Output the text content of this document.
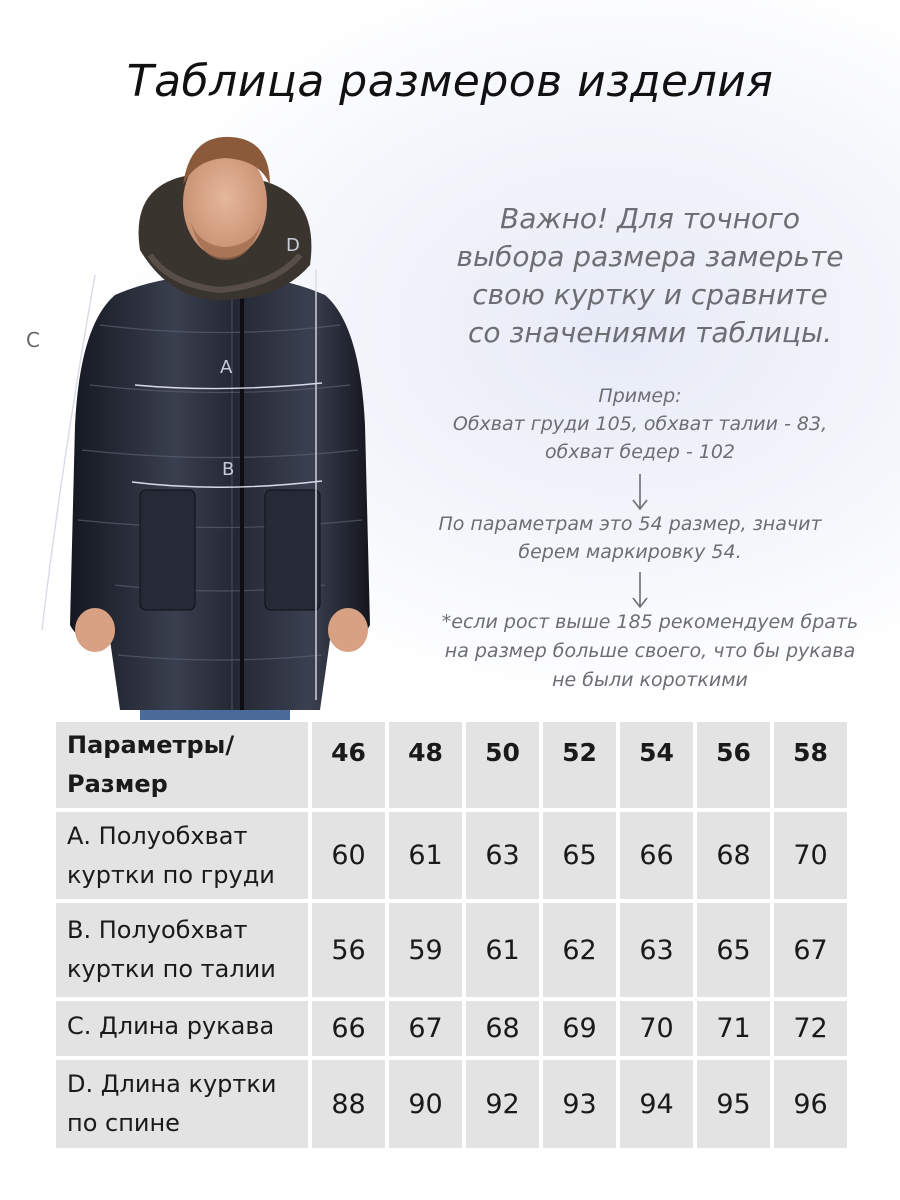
Таблица размеров изделия
A
B
D
C
Важно! Для точного
выбора размера замерьте
свою куртку и сравните
со значениями таблицы.
Пример:
Обхват груди 105, обхват талии - 83,
обхват бедер - 102
По параметрам это 54 размер, значит
берем маркировку 54.
*если рост выше 185 рекомендуем брать
на размер больше своего, что бы рукава
не были короткими
Параметры/
Размер	46	48	50	52	54	56	58

А. Полуобхват
куртки по груди	60	61	63	65	66	68	70

В. Полуобхват
куртки по талии	56	59	61	62	63	65	67

С. Длина рукава	66	67	68	69	70	71	72

D. Длина куртки
по спине	88	90	92	93	94	95	96
